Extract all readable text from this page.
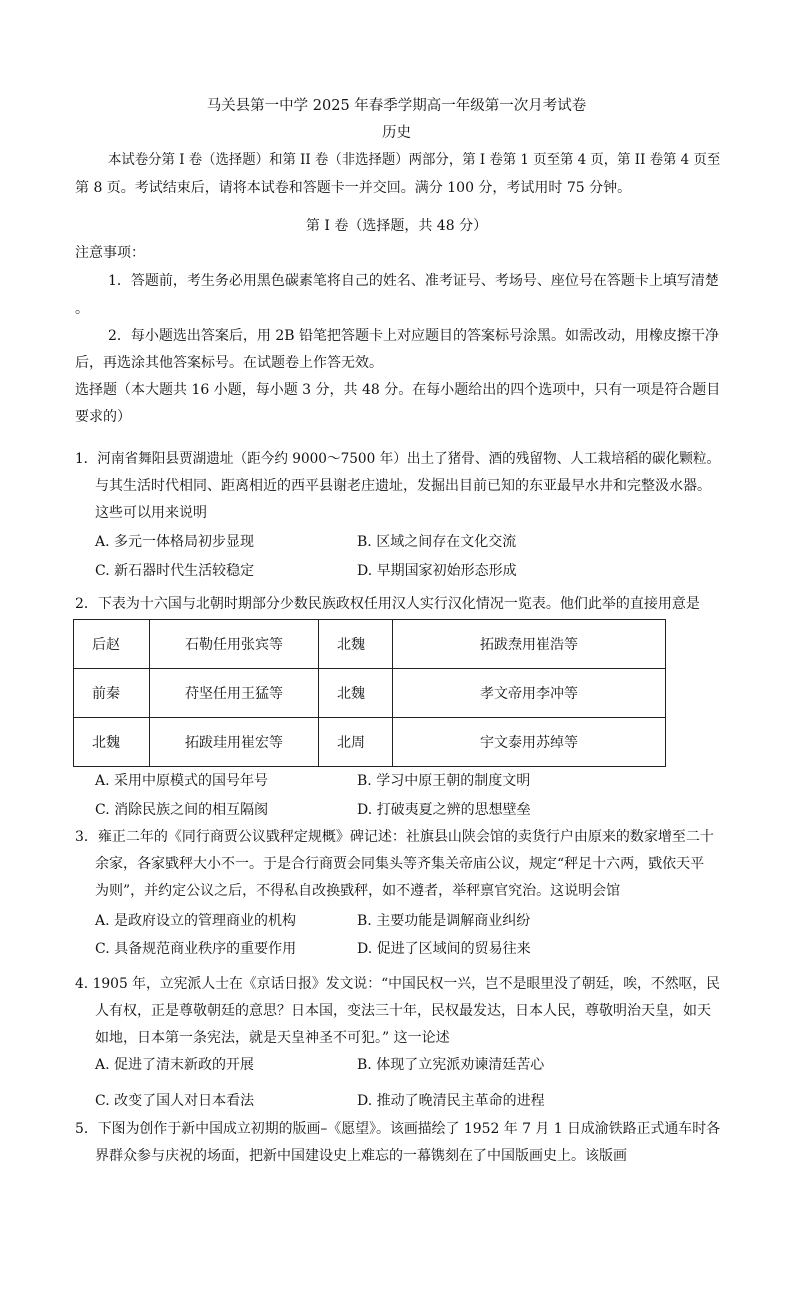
马关县第一中学 2025 年春季学期高一年级第一次月考试卷
历史
本试卷分第 I 卷（选择题）和第 II 卷（非选择题）两部分，第 I 卷第 1 页至第 4 页，第 II 卷第 4 页至
第 8 页。考试结束后，请将本试卷和答题卡一并交回。满分 100 分，考试用时 75 分钟。
第 I 卷（选择题，共 48 分）
注意事项：
1．答题前，考生务必用黑色碳素笔将自己的姓名、准考证号、考场号、座位号在答题卡上填写清楚
。
2．每小题选出答案后，用 2B 铅笔把答题卡上对应题目的答案标号涂黑。如需改动，用橡皮擦干净
后，再选涂其他答案标号。在试题卷上作答无效。
选择题（本大题共 16 小题，每小题 3 分，共 48 分。在每小题给出的四个选项中，只有一项是符合题目
要求的）
1．河南省舞阳县贾湖遗址（距今约 9000～7500 年）出土了猪骨、酒的残留物、人工栽培稻的碳化颗粒。
与其生活时代相同、距离相近的西平县谢老庄遗址，发掘出目前已知的东亚最早水井和完整汲水器。
这些可以用来说明
A. 多元一体格局初步显现	B. 区域之间存在文化交流
C. 新石器时代生活较稳定	D. 早期国家初始形态形成
2．下表为十六国与北朝时期部分少数民族政权任用汉人实行汉化情况一览表。他们此举的直接用意是
后赵	石勒任用张宾等	北魏	拓跋焘用崔浩等
前秦	苻坚任用王猛等	北魏	孝文帝用李冲等
北魏	拓跋珪用崔宏等	北周	宇文泰用苏绰等
A. 采用中原模式的国号年号	B. 学习中原王朝的制度文明
C. 消除民族之间的相互隔阂	D. 打破夷夏之辨的思想壁垒
3．雍正二年的《同行商贾公议戥秤定规概》碑记述：社旗县山陕会馆的卖货行户由原来的数家增至二十
余家，各家戥秤大小不一。于是合行商贾会同集头等齐集关帝庙公议，规定“秤足十六两，戥依天平
为则”，并约定公议之后，不得私自改换戥秤，如不遵者，举秤禀官究治。这说明会馆
A. 是政府设立的管理商业的机构	B. 主要功能是调解商业纠纷
C. 具备规范商业秩序的重要作用	D. 促进了区域间的贸易往来
4. 1905 年，立宪派人士在《京话日报》发文说：“中国民权一兴，岂不是眼里没了朝廷，唉，不然呕，民
人有权，正是尊敬朝廷的意思？日本国，变法三十年，民权最发达，日本人民，尊敬明治天皇，如天
如地，日本第一条宪法，就是天皇神圣不可犯。” 这一论述
A. 促进了清末新政的开展	B. 体现了立宪派劝谏清廷苦心
C. 改变了国人对日本看法	D. 推动了晚清民主革命的进程
5．下图为创作于新中国成立初期的版画–《愿望》。该画描绘了 1952 年 7 月 1 日成渝铁路正式通车时各
界群众参与庆祝的场面，把新中国建设史上难忘的一幕镌刻在了中国版画史上。该版画
